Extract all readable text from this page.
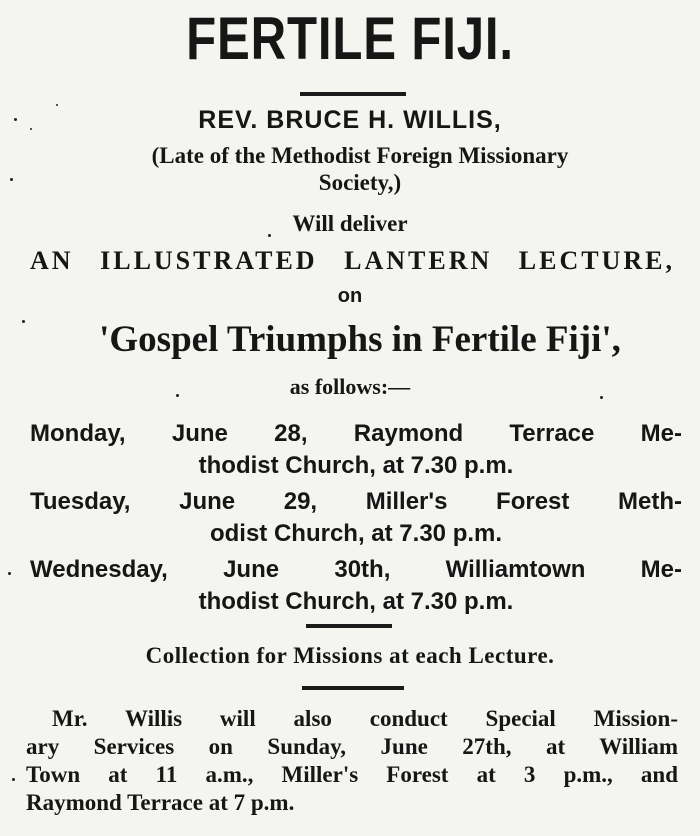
FERTILE FIJI.
REV. BRUCE H. WILLIS,
(Late of the Methodist Foreign Missionary
Society,)
Will deliver
AN ILLUSTRATED LANTERN LECTURE,
on
'Gospel Triumphs in Fertile Fiji',
as follows:—
Monday, June 28, Raymond Terrace Me-
thodist Church, at 7.30 p.m.
Tuesday, June 29, Miller's Forest Meth-
odist Church, at 7.30 p.m.
Wednesday, June 30th, Williamtown Me-
thodist Church, at 7.30 p.m.
Collection for Missions at each Lecture.
Mr. Willis will also conduct Special Mission-
ary Services on Sunday, June 27th, at William
Town at 11 a.m., Miller's Forest at 3 p.m., and
Raymond Terrace at 7 p.m.
